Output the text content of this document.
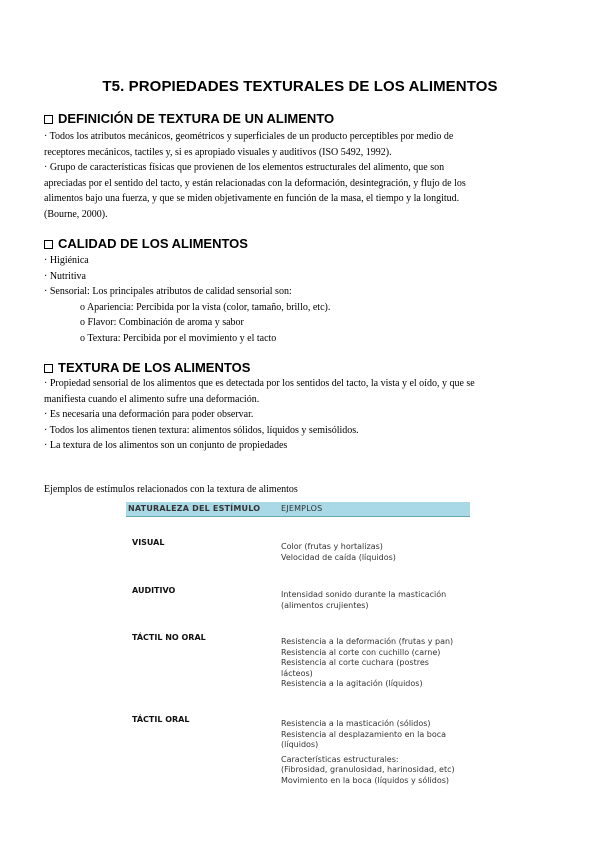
T5. PROPIEDADES TEXTURALES DE LOS ALIMENTOS
DEFINICIÓN DE TEXTURA DE UN ALIMENTO

· Todos los atributos mecánicos, geométricos y superficiales de un producto perceptibles por medio de

receptores mecánicos, tactiles y, si es apropiado visuales y auditivos (ISO 5492, 1992).

· Grupo de características físicas que provienen de los elementos estructurales del alimento, que son

apreciadas por el sentido del tacto, y están relacionadas con la deformación, desintegración, y flujo de los

alimentos bajo una fuerza, y que se miden objetivamente en función de la masa, el tiempo y la longitud.

(Bourne, 2000).

CALIDAD DE LOS ALIMENTOS

· Higiénica

· Nutritiva

· Sensorial: Los principales atributos de calidad sensorial son:

o Apariencia: Percibida por la vista (color, tamaño, brillo, etc).

o Flavor: Combinación de aroma y sabor

o Textura: Percibida por el movimiento y el tacto

TEXTURA DE LOS ALIMENTOS

· Propiedad sensorial de los alimentos que es detectada por los sentidos del tacto, la vista y el oído, y que se

manifiesta cuando el alimento sufre una deformación.

· Es necesaria una deformación para poder observar.

· Todos los alimentos tienen textura: alimentos sólidos, líquidos y semisólidos.

· La textura de los alimentos son un conjunto de propiedades

Ejemplos de estímulos relacionados con la textura de alimentos
NATURALEZA DEL ESTÍMULO	EJEMPLOS
VISUAL	Color (frutas y hortalizas)
Velocidad de caída (líquidos)
AUDITIVO	Intensidad sonido durante la masticación
(alimentos crujientes)
TÁCTIL NO ORAL	Resistencia a la deformación (frutas y pan)
Resistencia al corte con cuchillo (carne)
Resistencia al corte cuchara (postres
lácteos)
Resistencia a la agitación (líquidos)
TÁCTIL ORAL	Resistencia a la masticación (sólidos)
Resistencia al desplazamiento en la boca
(líquidos)
Características estructurales:
(Fibrosidad, granulosidad, harinosidad, etc)
Movimiento en la boca (líquidos y sólidos)
